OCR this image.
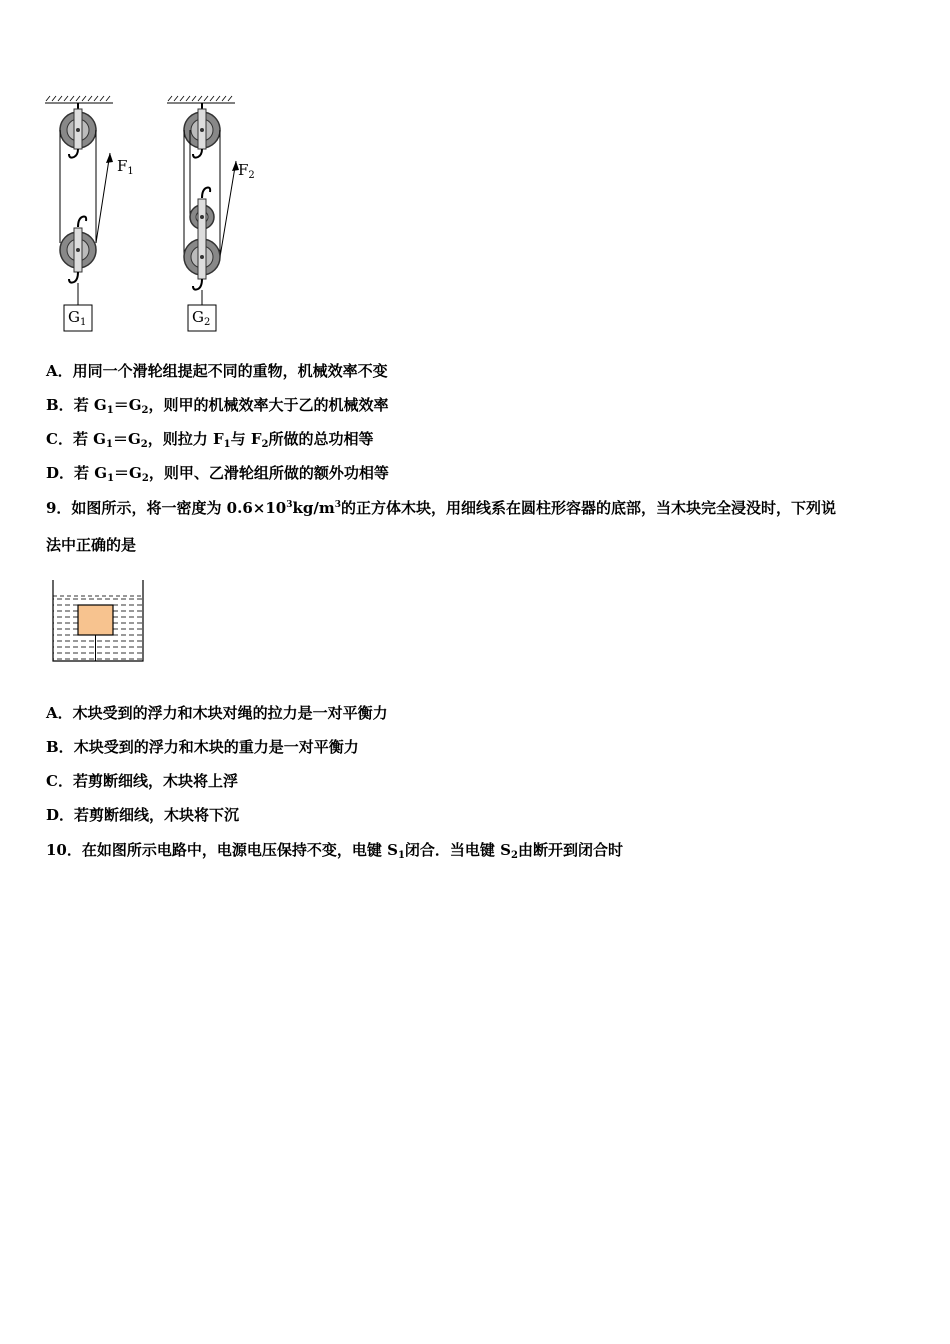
$F_1$	$F_2$
$G_1$	$G_2$
A．用同一个滑轮组提起不同的重物，机械效率不变
B．若 $G_1=G_2$，则甲的机械效率大于乙的机械效率
C．若 $G_1=G_2$，则拉力 $F_1$与 $F_2$所做的总功相等
D．若 $G_1=G_2$，则甲、乙滑轮组所做的额外功相等
9．如图所示，将一密度为 $0.6\times 10^3kg/m^3$的正方体木块，用细线系在圆柱形容器的底部，当木块完全浸没时，下列说
法中正确的是
A．木块受到的浮力和木块对绳的拉力是一对平衡力
B．木块受到的浮力和木块的重力是一对平衡力
C．若剪断细线，木块将上浮
D．若剪断细线，木块将下沉
10．在如图所示电路中，电源电压保持不变，电键 $S_1$闭合．当电键 $S_2$由断开到闭合时
